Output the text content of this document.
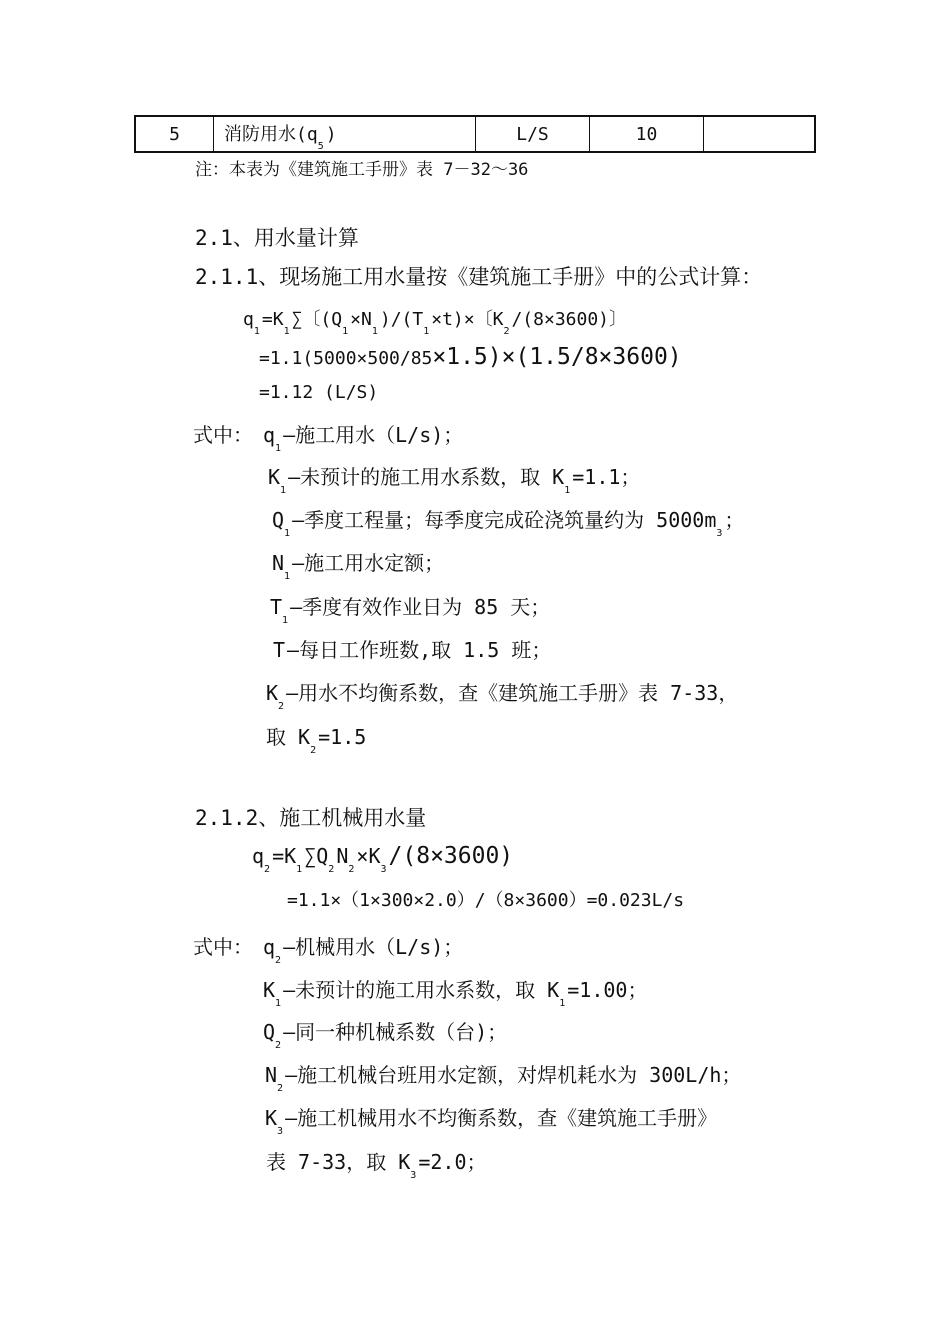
5	消防用水$(q_5)$	L/S	10
注：本表为《建筑施工手册》表 7－32～36
2.1、用水量计算
2.1.1、现场施工用水量按《建筑施工手册》中的公式计算：
$q_1=K_1\sum$〔$(Q_1\times N_1)/(T_1\times t)\times$〔$K_2/(8\times 3600)$〕
=1.1(5000×500/85×1.5)×(1.5/8×3600)
=1.12 (L/S)
式中： $q_1—$施工用水（L/s)；
$K_1—$未预计的施工用水系数，取 $K_1=1.1$；
$Q_1—$季度工程量；每季度完成砼浇筑量约为 $5000m_3$；
$N_1—$施工用水定额；
$T_1—$季度有效作业日为 85 天；
T —每日工作班数,取 1.5 班；
$K_2—$用水不均衡系数，查《建筑施工手册》表 7-33，
取 $K_2=1.5$
2.1.2、施工机械用水量
$q_2=K_1\sum Q_2N_2\times K_3/(8\times 3600)$
=1.1×（1×300×2.0）/（8×3600）=0.023L/s
式中： $q_2—$机械用水（L/s)；
$K_1—$未预计的施工用水系数，取 $K_1=1.00$；
$Q_2—$同一种机械系数（台)；
$N_2—$施工机械台班用水定额，对焊机耗水为 300L/h；
$K_3—$施工机械用水不均衡系数，查《建筑施工手册》
表 7-33，取 $K_3=2.0$；
